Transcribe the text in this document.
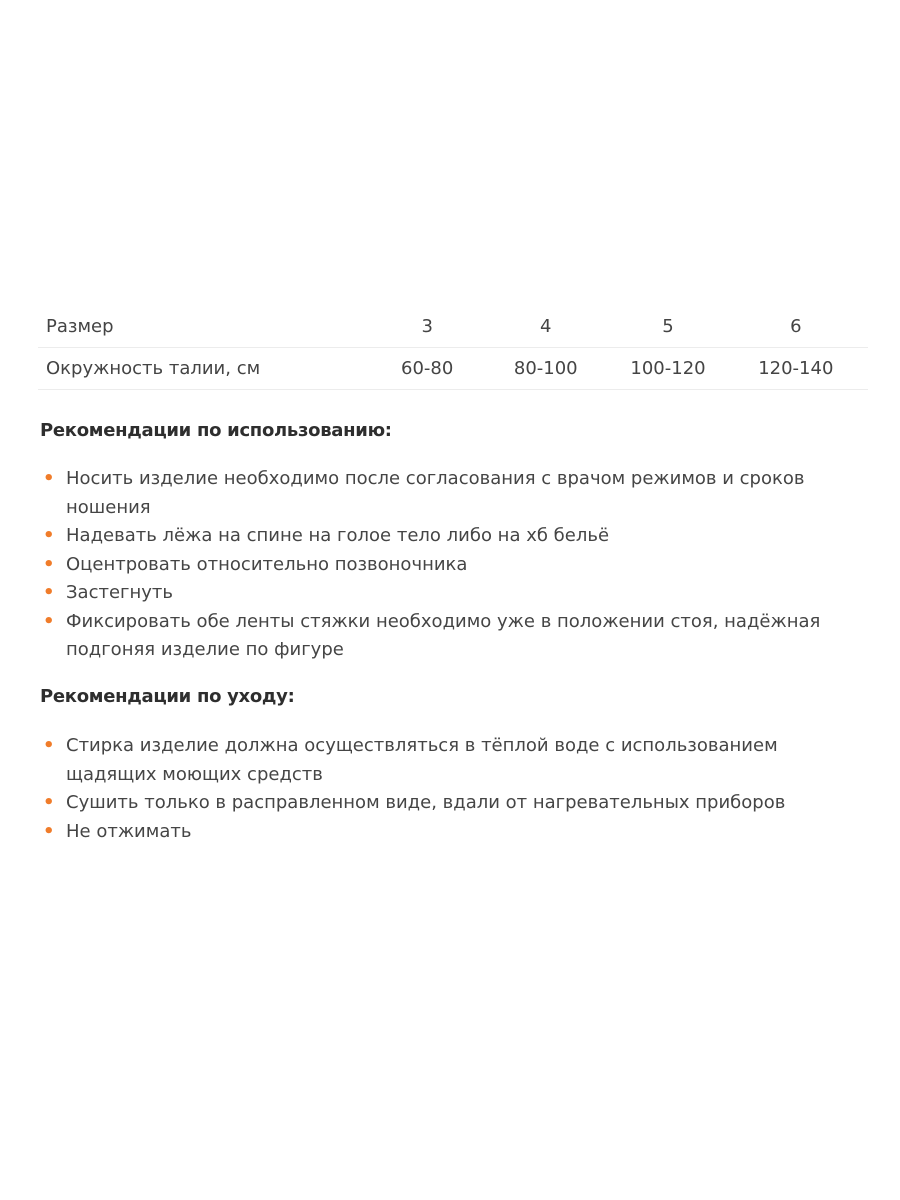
Размер	3	4	5	6
Окружность талии, см	60-80	80-100	100-120	120-140
Рекомендации по использованию:
• Носить изделие необходимо после согласования с врачом режимов и сроков ношения
• Надевать лёжа на спине на голое тело либо на хб бельё
• Оцентровать относительно позвоночника
• Застегнуть
• Фиксировать обе ленты стяжки необходимо уже в положении стоя, надёжная подгоняя изделие по фигуре
Рекомендации по уходу:
• Стирка изделие должна осуществляться в тёплой воде с использованием щадящих моющих средств
• Сушить только в расправленном виде, вдали от нагревательных приборов
• Не отжимать
